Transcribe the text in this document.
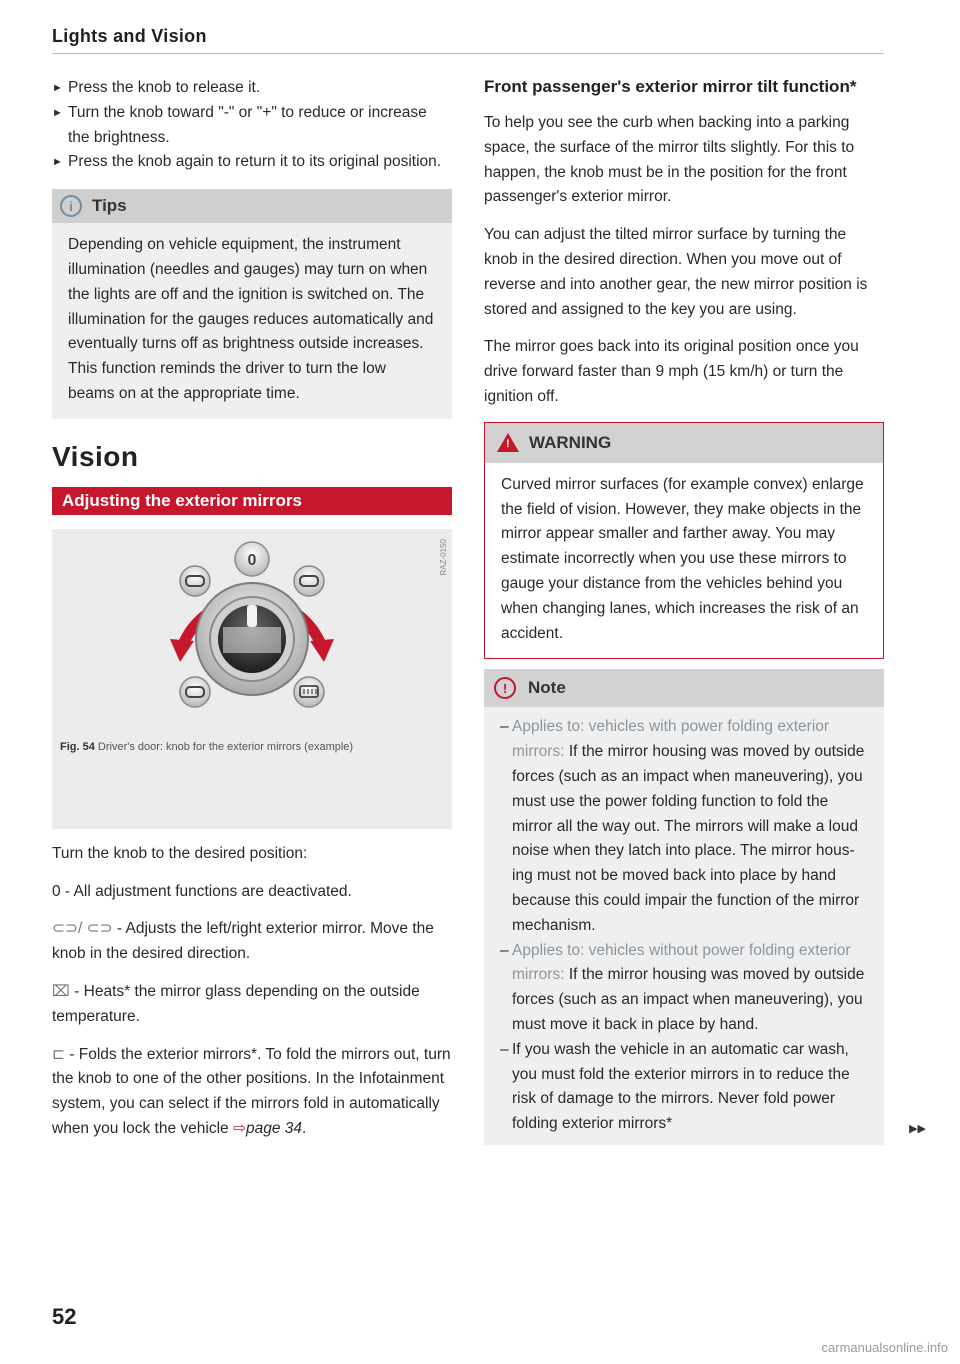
Lights and Vision
► Press the knob to release it.
► Turn the knob toward "-" or "+" to reduce or increase the brightness.
► Press the knob again to return it to its original position.
i	Tips

Depending on vehicle equipment, the instrument illumination (needles and gauges) may turn on when the lights are off and the ignition is switched on. The illumination for the gauges reduces automatically and eventually turns off as brightness outside increases. This function reminds the driver to turn the low beams on at the appropriate time.

Vision
Adjusting the exterior mirrors
0	RAZ-0150
Fig. 54 Driver's door: knob for the exterior mirrors (example)

Turn the knob to the desired position:

0 - All adjustment functions are deactivated.

⊂⊃/ ⊂⊃ - Adjusts the left/right exterior mirror. Move the knob in the desired direction.

⌧ - Heats* the mirror glass depending on the outside temperature.

⊏ - Folds the exterior mirrors*. To fold the mirrors out, turn the knob to one of the other positions. In the Infotainment system, you can select if the mirrors fold in automatically when you lock the vehicle ⇨page 34.

Front passenger's exterior mirror tilt function*

To help you see the curb when backing into a parking space, the surface of the mirror tilts slightly. For this to happen, the knob must be in the position for the front passenger's exterior mirror.

You can adjust the tilted mirror surface by turning the knob in the desired direction. When you move out of reverse and into another gear, the new mirror position is stored and assigned to the key you are using.

The mirror goes back into its original position once you drive forward faster than 9 mph (15 km/h) or turn the ignition off.

! WARNING

Curved mirror surfaces (for example convex) enlarge the field of vision. However, they make objects in the mirror appear smaller and farther away. You may estimate incorrectly when you use these mirrors to gauge your distance from the vehicles behind you when changing lanes, which increases the risk of an accident.

!	Note
– Applies to: vehicles with power folding exterior mirrors: If the mirror housing was moved by outside forces (such as an impact when maneuvering), you must use the power folding function to fold the mirror all the way out. The mirrors will make a loud noise when they latch into place. The mirror housing must not be moved back into place by hand because this could impair the function of the mirror mechanism.
– Applies to: vehicles without power folding exterior mirrors: If the mirror housing was moved by outside forces (such as an impact when maneuvering), you must move it back in place by hand.
– If you wash the vehicle in an automatic car wash, you must fold the exterior mirrors in to reduce the risk of damage to the mirrors. Never fold power folding exterior mirrors*	▶▶
52
carmanualsonline.info
